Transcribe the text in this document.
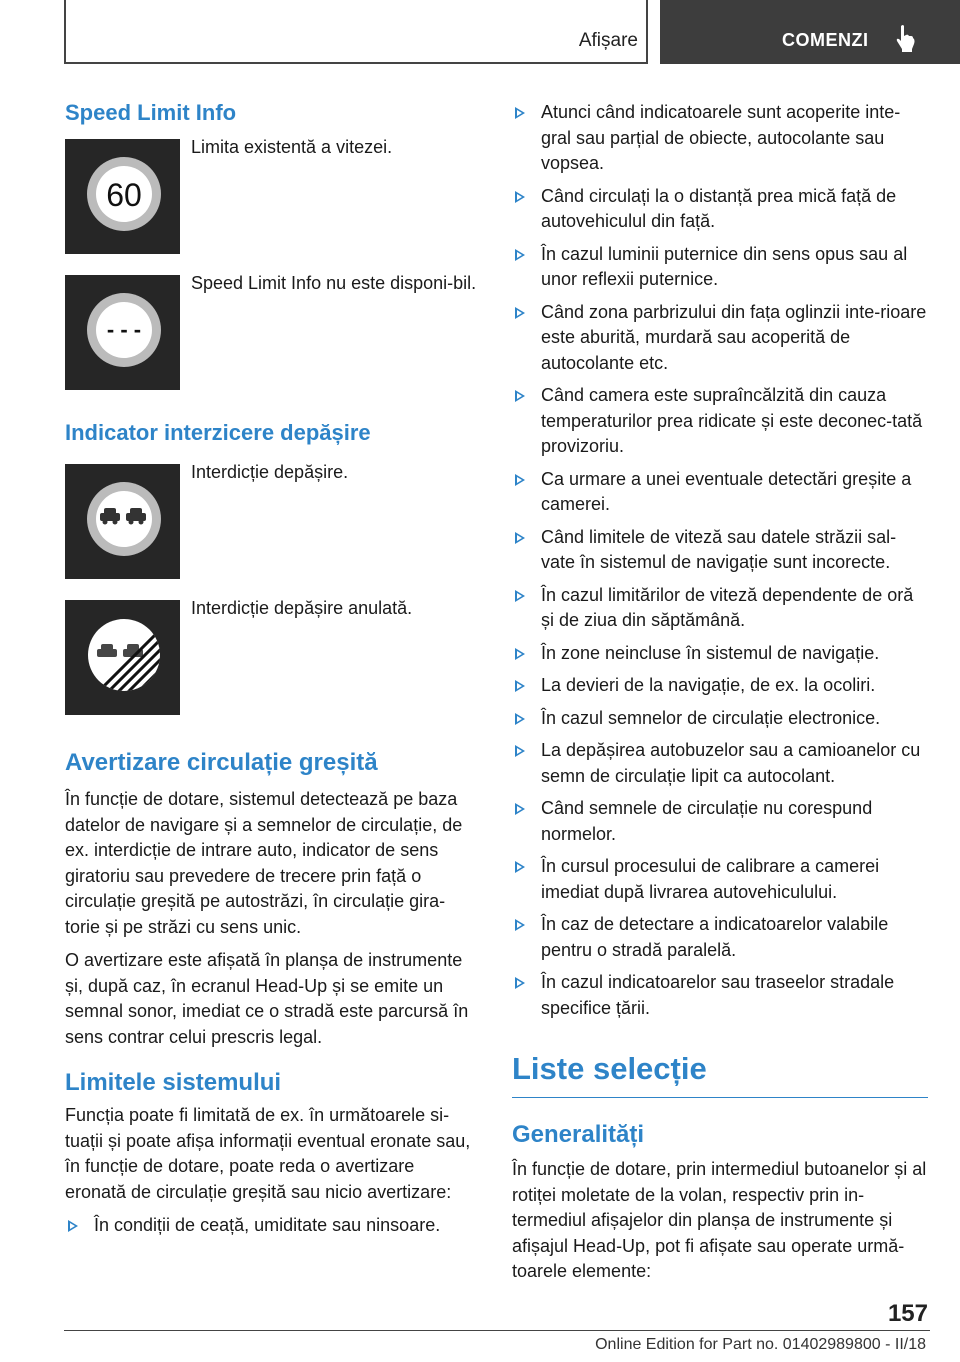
Afișare	COMENZI
Speed Limit Info
60

Limita existentă a vitezei.

- - -

Speed Limit Info nu este disponi‐bil.

Indicator interzicere depășire

Interdicție depășire.

Interdicție depășire anulată.

Avertizare circulație greșită

În funcție de dotare, sistemul detectează pe baza datelor de navigare și a semnelor de circulație, de ex. interdicție de intrare auto, indicator de sens giratoriu sau prevedere de trecere prin față o circulație greșită pe autostrăzi, în circulație gira‐torie și pe străzi cu sens unic.

O avertizare este afișată în planșa de instrumente și, după caz, în ecranul Head-Up și se emite un semnal sonor, imediat ce o stradă este parcursă în sens contrar celui prescris legal.

Limitele sistemului

Funcția poate fi limitată de ex. în următoarele si‐tuații și poate afișa informații eventual eronate sau, în funcție de dotare, poate reda o avertizare eronată de circulație greșită sau nicio avertizare:

În condiții de ceață, umiditate sau ninsoare.
Atunci când indicatoarele sunt acoperite inte‐gral sau parțial de obiecte, autocolante sau vopsea.
Când circulați la o distanță prea mică față de autovehiculul din față.
În cazul luminii puternice din sens opus sau al unor reflexii puternice.
Când zona parbrizului din fața oglinzii inte‐rioare este aburită, murdară sau acoperită de autocolante etc.
Când camera este supraîncălzită din cauza temperaturilor prea ridicate și este deconec‐tată provizoriu.
Ca urmare a unei eventuale detectări greșite a camerei.
Când limitele de viteză sau datele străzii sal‐vate în sistemul de navigație sunt incorecte.
În cazul limitărilor de viteză dependente de oră și de ziua din săptămână.
În zone neincluse în sistemul de navigație.
La devieri de la navigație, de ex. la ocoliri.
În cazul semnelor de circulație electronice.
La depășirea autobuzelor sau a camioanelor cu semn de circulație lipit ca autocolant.
Când semnele de circulație nu corespund normelor.
În cursul procesului de calibrare a camerei imediat după livrarea autovehiculului.
În caz de detectare a indicatoarelor valabile pentru o stradă paralelă.
În cazul indicatoarelor sau traseelor stradale specifice țării.
Liste selecție
Generalități

În funcție de dotare, prin intermediul butoanelor și al rotiței moletate de la volan, respectiv prin in‐termediul afișajelor din planșa de instrumente și afișajul Head-Up, pot fi afișate sau operate urmă‐toarele elemente:

157
Online Edition for Part no. 01402989800 - II/18
